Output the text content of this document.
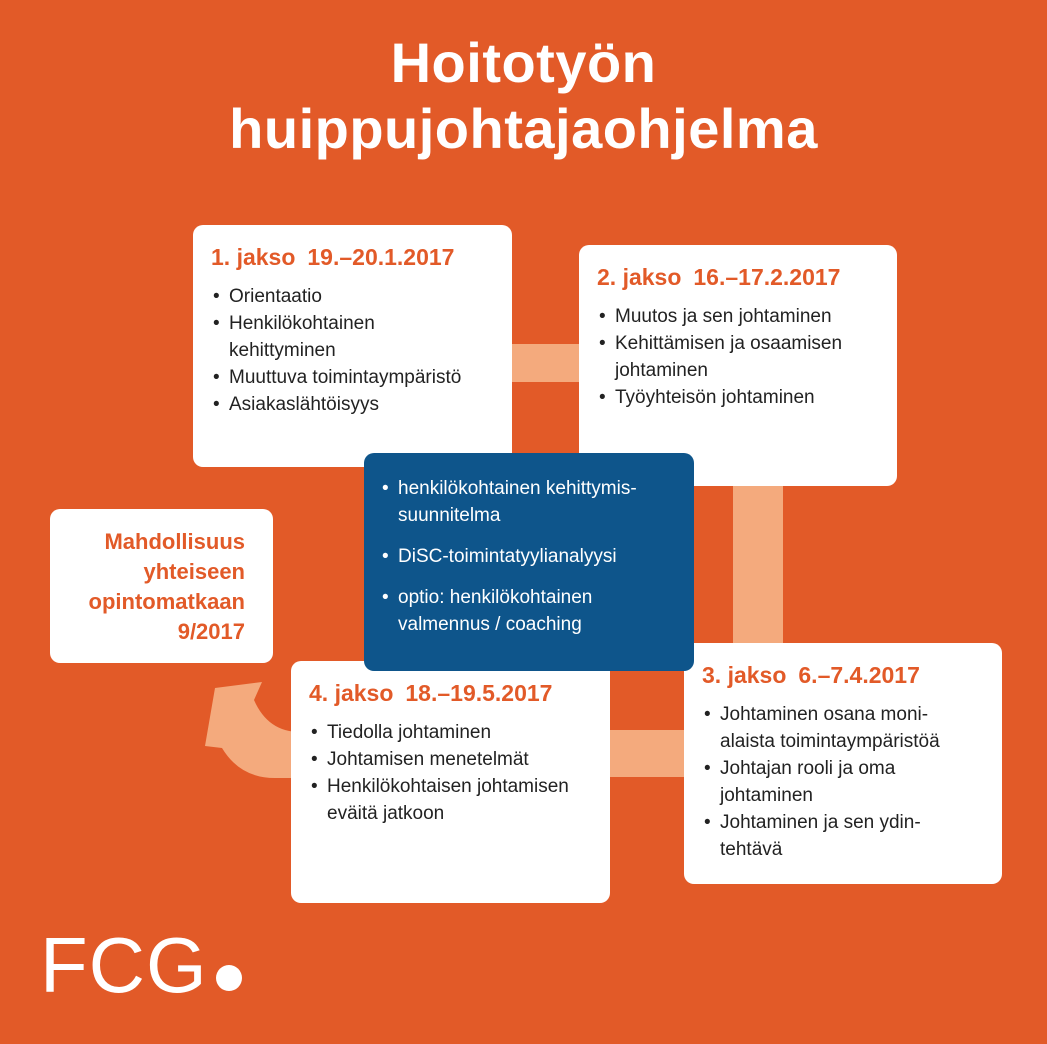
Hoitotyön
huippujohtajaohjelma
1. jakso 19.–20.1.2017
• Orientaatio
• Henkilökohtainen kehittyminen
• Muuttuva toimintaympäristö
• Asiakaslähtöisyys
2. jakso 16.–17.2.2017
• Muutos ja sen johtaminen
• Kehittämisen ja osaamisen johtaminen
• Työyhteisön johtaminen
3. jakso 6.–7.4.2017
• Johtaminen osana moni-alaista toimintaympäristöä
• Johtajan rooli ja oma johtaminen
• Johtaminen ja sen ydin-tehtävä
4. jakso 18.–19.5.2017
• Tiedolla johtaminen
• Johtamisen menetelmät
• Henkilökohtaisen johtamisen eväitä jatkoon
• henkilökohtainen kehittymis-suunnitelma
• DiSC-toimintatyylianalyysi
• optio: henkilökohtainen valmennus / coaching
Mahdollisuus
yhteiseen
opintomatkaan
9/2017
FCG
